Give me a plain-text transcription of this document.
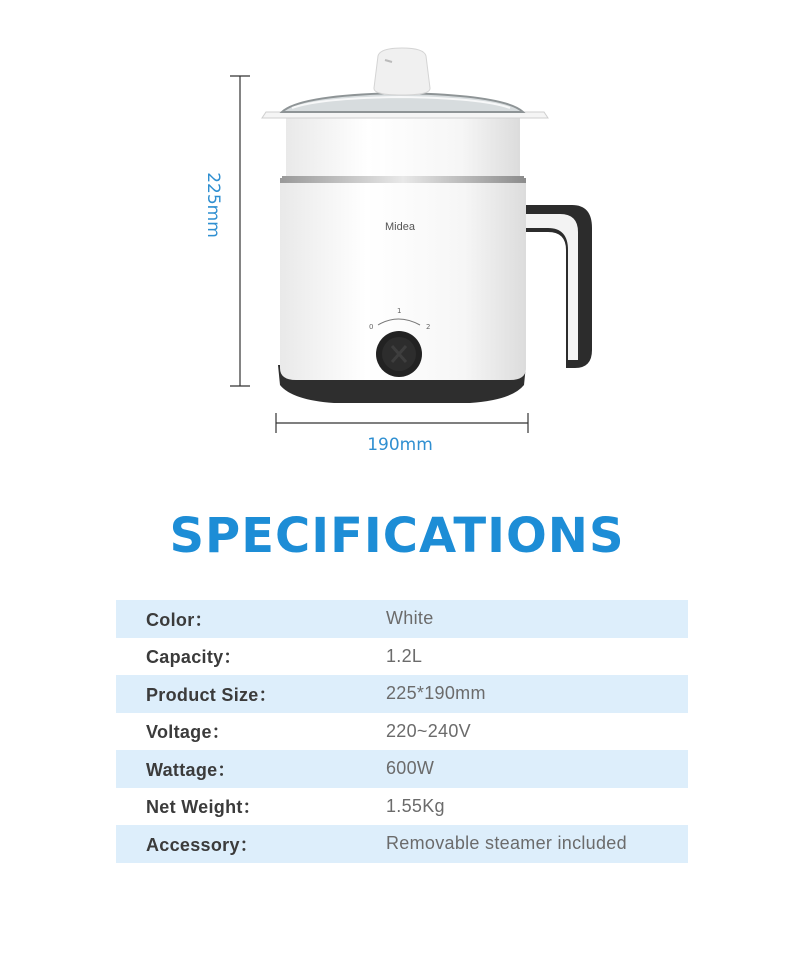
Midea
0
1
2
225mm
190mm
SPECIFICATIONS
Color：	White
Capacity：	1.2L
Product Size：	225*190mm
Voltage：	220~240V
Wattage：	600W
Net Weight：	1.55Kg
Accessory：	Removable steamer included
